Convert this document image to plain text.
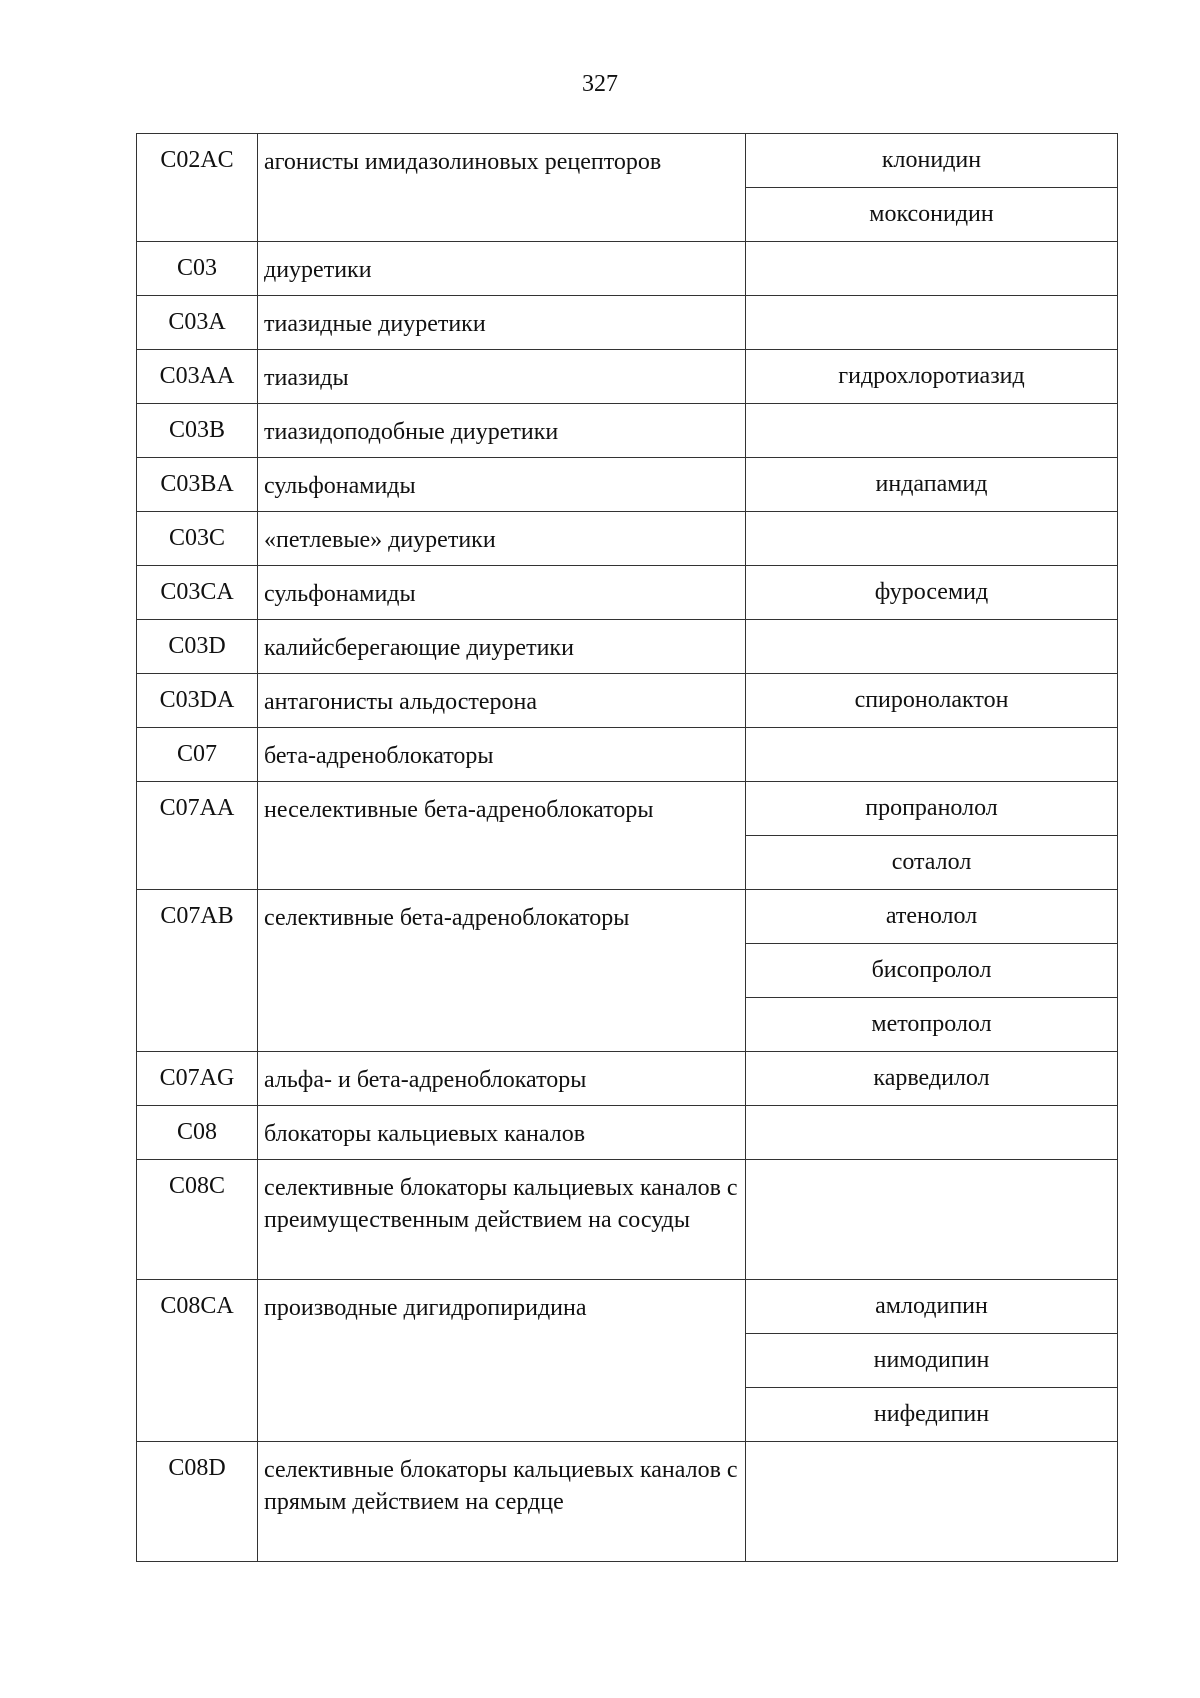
327
C02AC	агонисты имидазолиновых рецепторов	клонидин
		моксонидин
C03	диуретики	
C03A	тиазидные диуретики	
C03AA	тиазиды	гидрохлоротиазид
C03B	тиазидоподобные диуретики	
C03BA	сульфонамиды	индапамид
C03C	«петлевые» диуретики	
C03CA	сульфонамиды	фуросемид
C03D	калийсберегающие диуретики	
C03DA	антагонисты альдостерона	спиронолактон
C07	бета-адреноблокаторы	
C07AA	неселективные бета-адреноблокаторы	пропранолол
		соталол
C07AB	селективные бета-адреноблокаторы	атенолол
		бисопролол
		метопролол
C07AG	альфа- и бета-адреноблокаторы	карведилол
C08	блокаторы кальциевых каналов	
C08C	селективные блокаторы кальциевых каналов с преимущественным действием на сосуды	
C08CA	производные дигидропиридина	амлодипин
		нимодипин
		нифедипин
C08D	селективные блокаторы кальциевых каналов с прямым действием на сердце	
